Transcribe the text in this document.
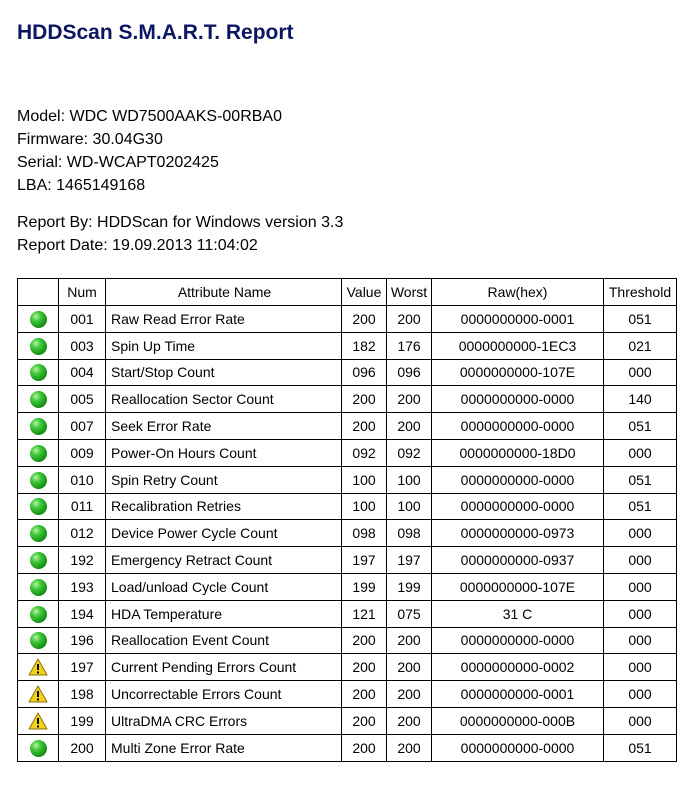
HDDScan S.M.A.R.T. Report
Model: WDC WD7500AAKS-00RBA0
Firmware: 30.04G30
Serial: WD-WCAPT0202425
LBA: 1465149168
Report By: HDDScan for Windows version 3.3
Report Date: 19.09.2013 11:04:02
	Num	Attribute Name	Value	Worst	Raw(hex)	Threshold
	001	Raw Read Error Rate	200	200	0000000000-0001	051
	003	Spin Up Time	182	176	0000000000-1EC3	021
	004	Start/Stop Count	096	096	0000000000-107E	000
	005	Reallocation Sector Count	200	200	0000000000-0000	140
	007	Seek Error Rate	200	200	0000000000-0000	051
	009	Power-On Hours Count	092	092	0000000000-18D0	000
	010	Spin Retry Count	100	100	0000000000-0000	051
	011	Recalibration Retries	100	100	0000000000-0000	051
	012	Device Power Cycle Count	098	098	0000000000-0973	000
	192	Emergency Retract Count	197	197	0000000000-0937	000
	193	Load/unload Cycle Count	199	199	0000000000-107E	000
	194	HDA Temperature	121	075	31 C	000
	196	Reallocation Event Count	200	200	0000000000-0000	000
	197	Current Pending Errors Count	200	200	0000000000-0002	000
	198	Uncorrectable Errors Count	200	200	0000000000-0001	000
	199	UltraDMA CRC Errors	200	200	0000000000-000B	000
	200	Multi Zone Error Rate	200	200	0000000000-0000	051
